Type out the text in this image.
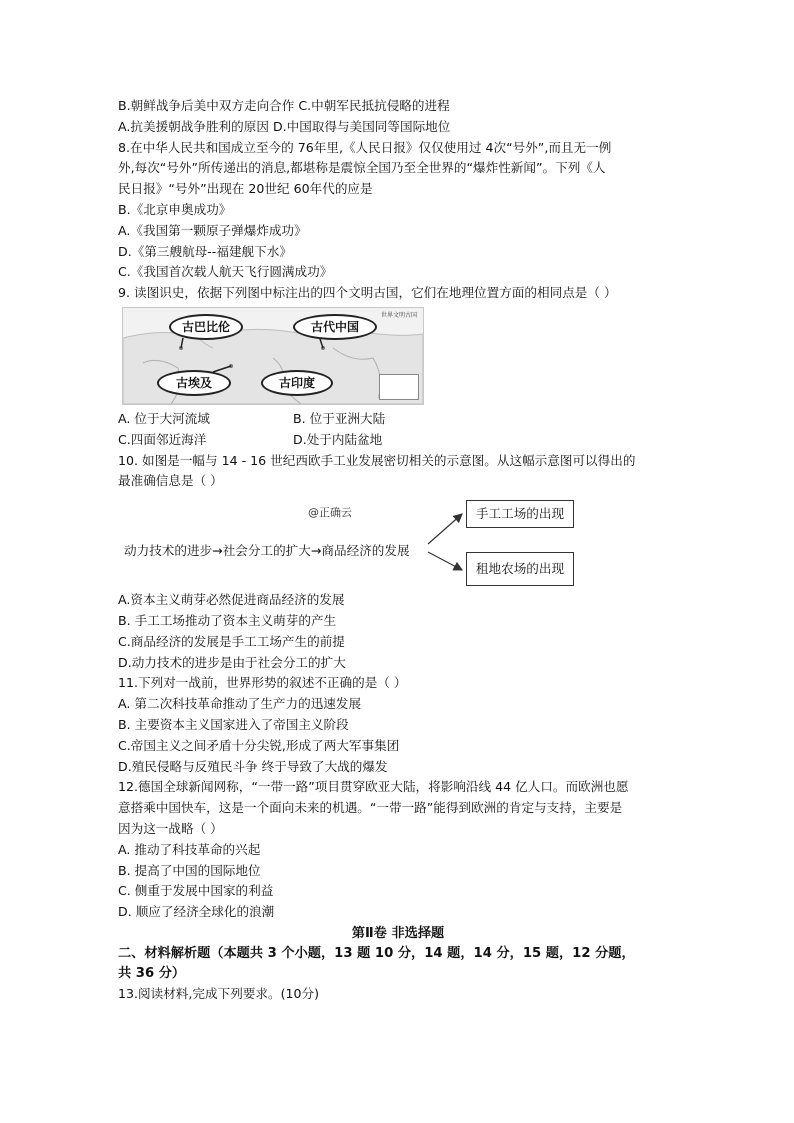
B.朝鲜战争后美中双方走向合作 C.中朝军民抵抗侵略的进程
A.抗美援朝战争胜利的原因 D.中国取得与美国同等国际地位
8.在中华人民共和国成立至今的 76年里,《人民日报》仅仅使用过 4次“号外”,而且无一例
外,每次“号外”所传递出的消息,都堪称是震惊全国乃至全世界的“爆炸性新闻”。下列《人
民日报》“号外”出现在 20世纪 60年代的应是
B.《北京申奥成功》
A.《我国第一颗原子弹爆炸成功》
D.《第三艘航母--福建舰下水》
C.《我国首次载人航天飞行圆满成功》
9. 读图识史，依据下列图中标注出的四个文明古国，它们在地理位置方面的相同点是（ ）
世界文明古国
古巴比伦	古代中国
古埃及	古印度
A. 位于大河流域	B. 位于亚洲大陆
C.四面邻近海洋	D.处于内陆盆地
10. 如图是一幅与 14 - 16 世纪西欧手工业发展密切相关的示意图。从这幅示意图可以得出的
最准确信息是（ ）
@正确云
动力技术的进步→社会分工的扩大→商品经济的发展
手工工场的出现
租地农场的出现
A.资本主义萌芽必然促进商品经济的发展
B. 手工工场推动了资本主义萌芽的产生
C.商品经济的发展是手工工场产生的前提
D.动力技术的进步是由于社会分工的扩大
11.下列对一战前，世界形势的叙述不正确的是（ ）
A. 第二次科技革命推动了生产力的迅速发展
B. 主要资本主义国家进入了帝国主义阶段
C.帝国主义之间矛盾十分尖锐,形成了两大军事集团
D.殖民侵略与反殖民斗争 终于导致了大战的爆发
12.德国全球新闻网称，“一带一路”项目贯穿欧亚大陆，将影响沿线 44 亿人口。而欧洲也愿
意搭乘中国快车，这是一个面向未来的机遇。“一带一路”能得到欧洲的肯定与支持，主要是
因为这一战略（ ）
A. 推动了科技革命的兴起
B. 提高了中国的国际地位
C. 侧重于发展中国家的利益
D. 顺应了经济全球化的浪潮
第Ⅱ卷 非选择题
二、材料解析题（本题共 3 个小题，13 题 10 分，14 题，14 分，15 题，12 分题，
共 36 分）
13.阅读材料,完成下列要求。(10分)
